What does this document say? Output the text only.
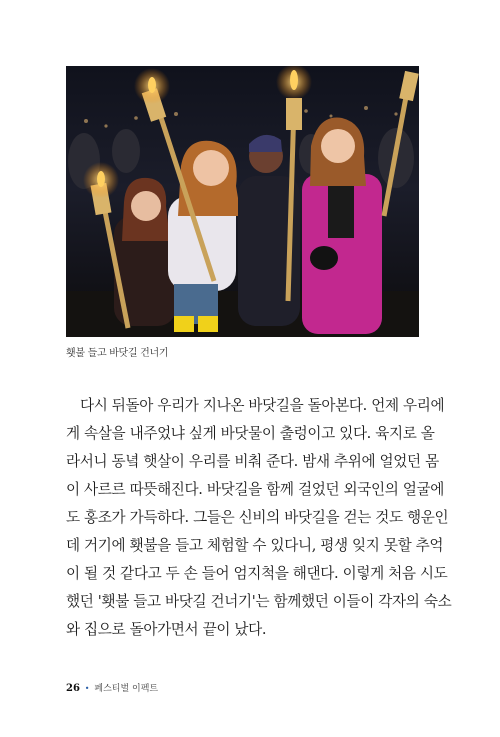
횃불 들고 바닷길 건너기
다시 뒤돌아 우리가 지나온 바닷길을 돌아본다. 언제 우리에
게 속살을 내주었냐 싶게 바닷물이 출렁이고 있다. 육지로 올
라서니 동녘 햇살이 우리를 비춰 준다. 밤새 추위에 얼었던 몸
이 사르르 따뜻해진다. 바닷길을 함께 걸었던 외국인의 얼굴에
도 홍조가 가득하다. 그들은 신비의 바닷길을 걷는 것도 행운인
데 거기에 횃불을 들고 체험할 수 있다니, 평생 잊지 못할 추억
이 될 것 같다고 두 손 들어 엄지척을 해댄다. 이렇게 처음 시도
했던 '횃불 들고 바닷길 건너기'는 함께했던 이들이 각자의 숙소
와 집으로 돌아가면서 끝이 났다.
26 • 페스티벌 이펙트
